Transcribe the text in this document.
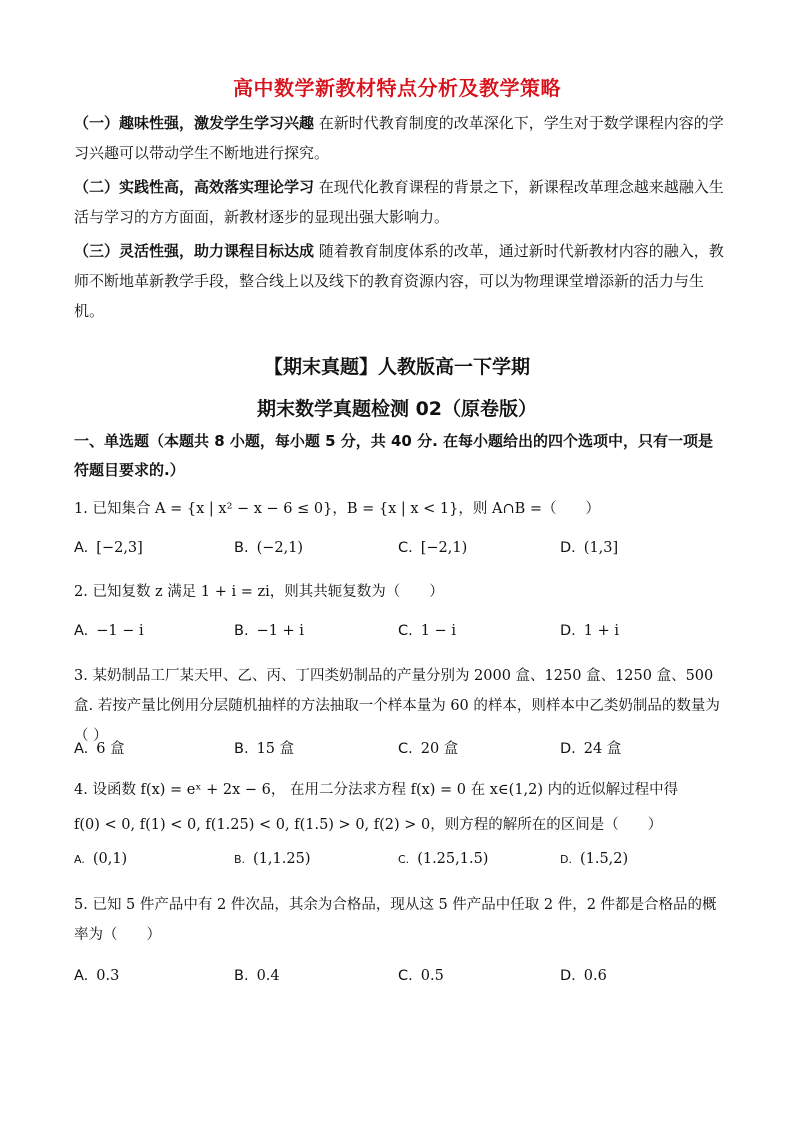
高中数学新教材特点分析及教学策略
（一）趣味性强，激发学生学习兴趣 在新时代教育制度的改革深化下，学生对于数学课程内容的学习兴趣可以带动学生不断地进行探究。
（二）实践性高，高效落实理论学习 在现代化教育课程的背景之下，新课程改革理念越来越融入生活与学习的方方面面，新教材逐步的显现出强大影响力。
（三）灵活性强，助力课程目标达成 随着教育制度体系的改革，通过新时代新教材内容的融入，教师不断地革新教学手段，整合线上以及线下的教育资源内容，可以为物理课堂增添新的活力与生机。
【期末真题】人教版高一下学期
期末数学真题检测 02（原卷版）
一、单选题（本题共 8 小题，每小题 5 分，共 40 分. 在每小题给出的四个选项中，只有一项是符题目要求的.）
1. 已知集合 A = {x | x² − x − 6 ≤ 0}，B = {x | x < 1}，则 A∩B =（　　）
A. [−2,3]	B. (−2,1)	C. [−2,1)	D. (1,3]
2. 已知复数 z 满足 1 + i = zi，则其共轭复数为（　　）
A. −1 − i	B. −1 + i	C. 1 − i	D. 1 + i
3. 某奶制品工厂某天甲、乙、丙、丁四类奶制品的产量分别为 2000 盒、1250 盒、1250 盒、500 盒. 若按产量比例用分层随机抽样的方法抽取一个样本量为 60 的样本，则样本中乙类奶制品的数量为（ ）
A. 6 盒	B. 15 盒	C. 20 盒	D. 24 盒
4. 设函数 f(x) = eˣ + 2x − 6， 在用二分法求方程 f(x) = 0 在 x∈(1,2) 内的近似解过程中得
f(0) < 0, f(1) < 0, f(1.25) < 0, f(1.5) > 0, f(2) > 0，则方程的解所在的区间是（　　）
A. (0,1)	B. (1,1.25)	C. (1.25,1.5)	D. (1.5,2)
5. 已知 5 件产品中有 2 件次品，其余为合格品，现从这 5 件产品中任取 2 件，2 件都是合格品的概率为（　　）
A. 0.3	B. 0.4	C. 0.5	D. 0.6
